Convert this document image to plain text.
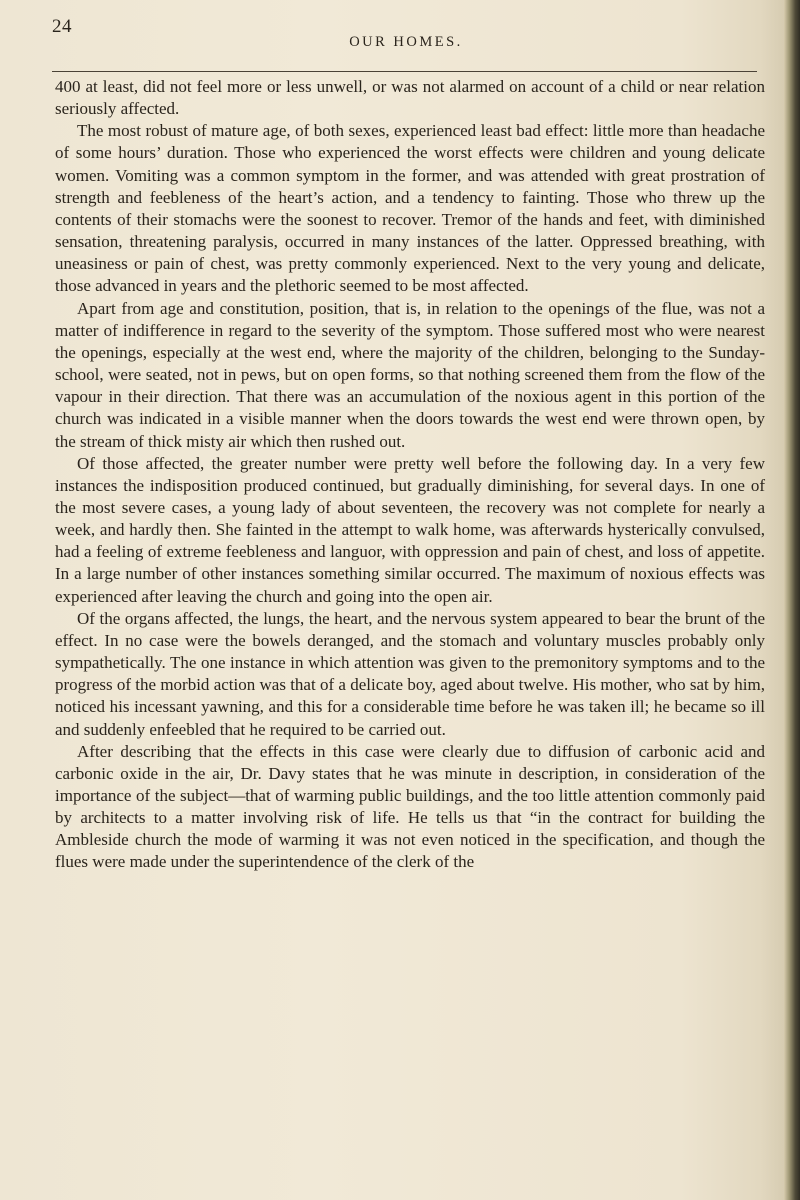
24
OUR HOMES.

400 at least, did not feel more or less unwell, or was not alarmed on account of a child or near relation seriously affected.

The most robust of mature age, of both sexes, experienced least bad effect: little more than headache of some hours’ duration. Those who experienced the worst effects were children and young delicate women. Vomiting was a common symptom in the former, and was attended with great prostration of strength and feebleness of the heart’s action, and a tendency to fainting. Those who threw up the contents of their stomachs were the soonest to recover. Tremor of the hands and feet, with diminished sensation, threatening paralysis, occurred in many instances of the latter. Oppressed breathing, with uneasiness or pain of chest, was pretty commonly experienced. Next to the very young and delicate, those advanced in years and the plethoric seemed to be most affected.

Apart from age and constitution, position, that is, in relation to the openings of the flue, was not a matter of indifference in regard to the severity of the symptom. Those suffered most who were nearest the openings, especially at the west end, where the majority of the children, belonging to the Sunday-school, were seated, not in pews, but on open forms, so that nothing screened them from the flow of the vapour in their direction. That there was an accumulation of the noxious agent in this portion of the church was indicated in a visible manner when the doors towards the west end were thrown open, by the stream of thick misty air which then rushed out.

Of those affected, the greater number were pretty well before the following day. In a very few instances the indisposition produced continued, but gradually diminishing, for several days. In one of the most severe cases, a young lady of about seventeen, the recovery was not complete for nearly a week, and hardly then. She fainted in the attempt to walk home, was afterwards hysterically convulsed, had a feeling of extreme feebleness and languor, with oppression and pain of chest, and loss of appetite. In a large number of other instances something similar occurred. The maximum of noxious effects was experienced after leaving the church and going into the open air.

Of the organs affected, the lungs, the heart, and the nervous system appeared to bear the brunt of the effect. In no case were the bowels deranged, and the stomach and voluntary muscles probably only sympathetically. The one instance in which attention was given to the premonitory symptoms and to the progress of the morbid action was that of a delicate boy, aged about twelve. His mother, who sat by him, noticed his incessant yawning, and this for a considerable time before he was taken ill; he became so ill and suddenly enfeebled that he required to be carried out.

After describing that the effects in this case were clearly due to diffusion of carbonic acid and carbonic oxide in the air, Dr. Davy states that he was minute in description, in consideration of the importance of the subject—that of warming public buildings, and the too little attention commonly paid by architects to a matter involving risk of life. He tells us that “in the contract for building the Ambleside church the mode of warming it was not even noticed in the specification, and though the flues were made under the superintendence of the clerk of the
